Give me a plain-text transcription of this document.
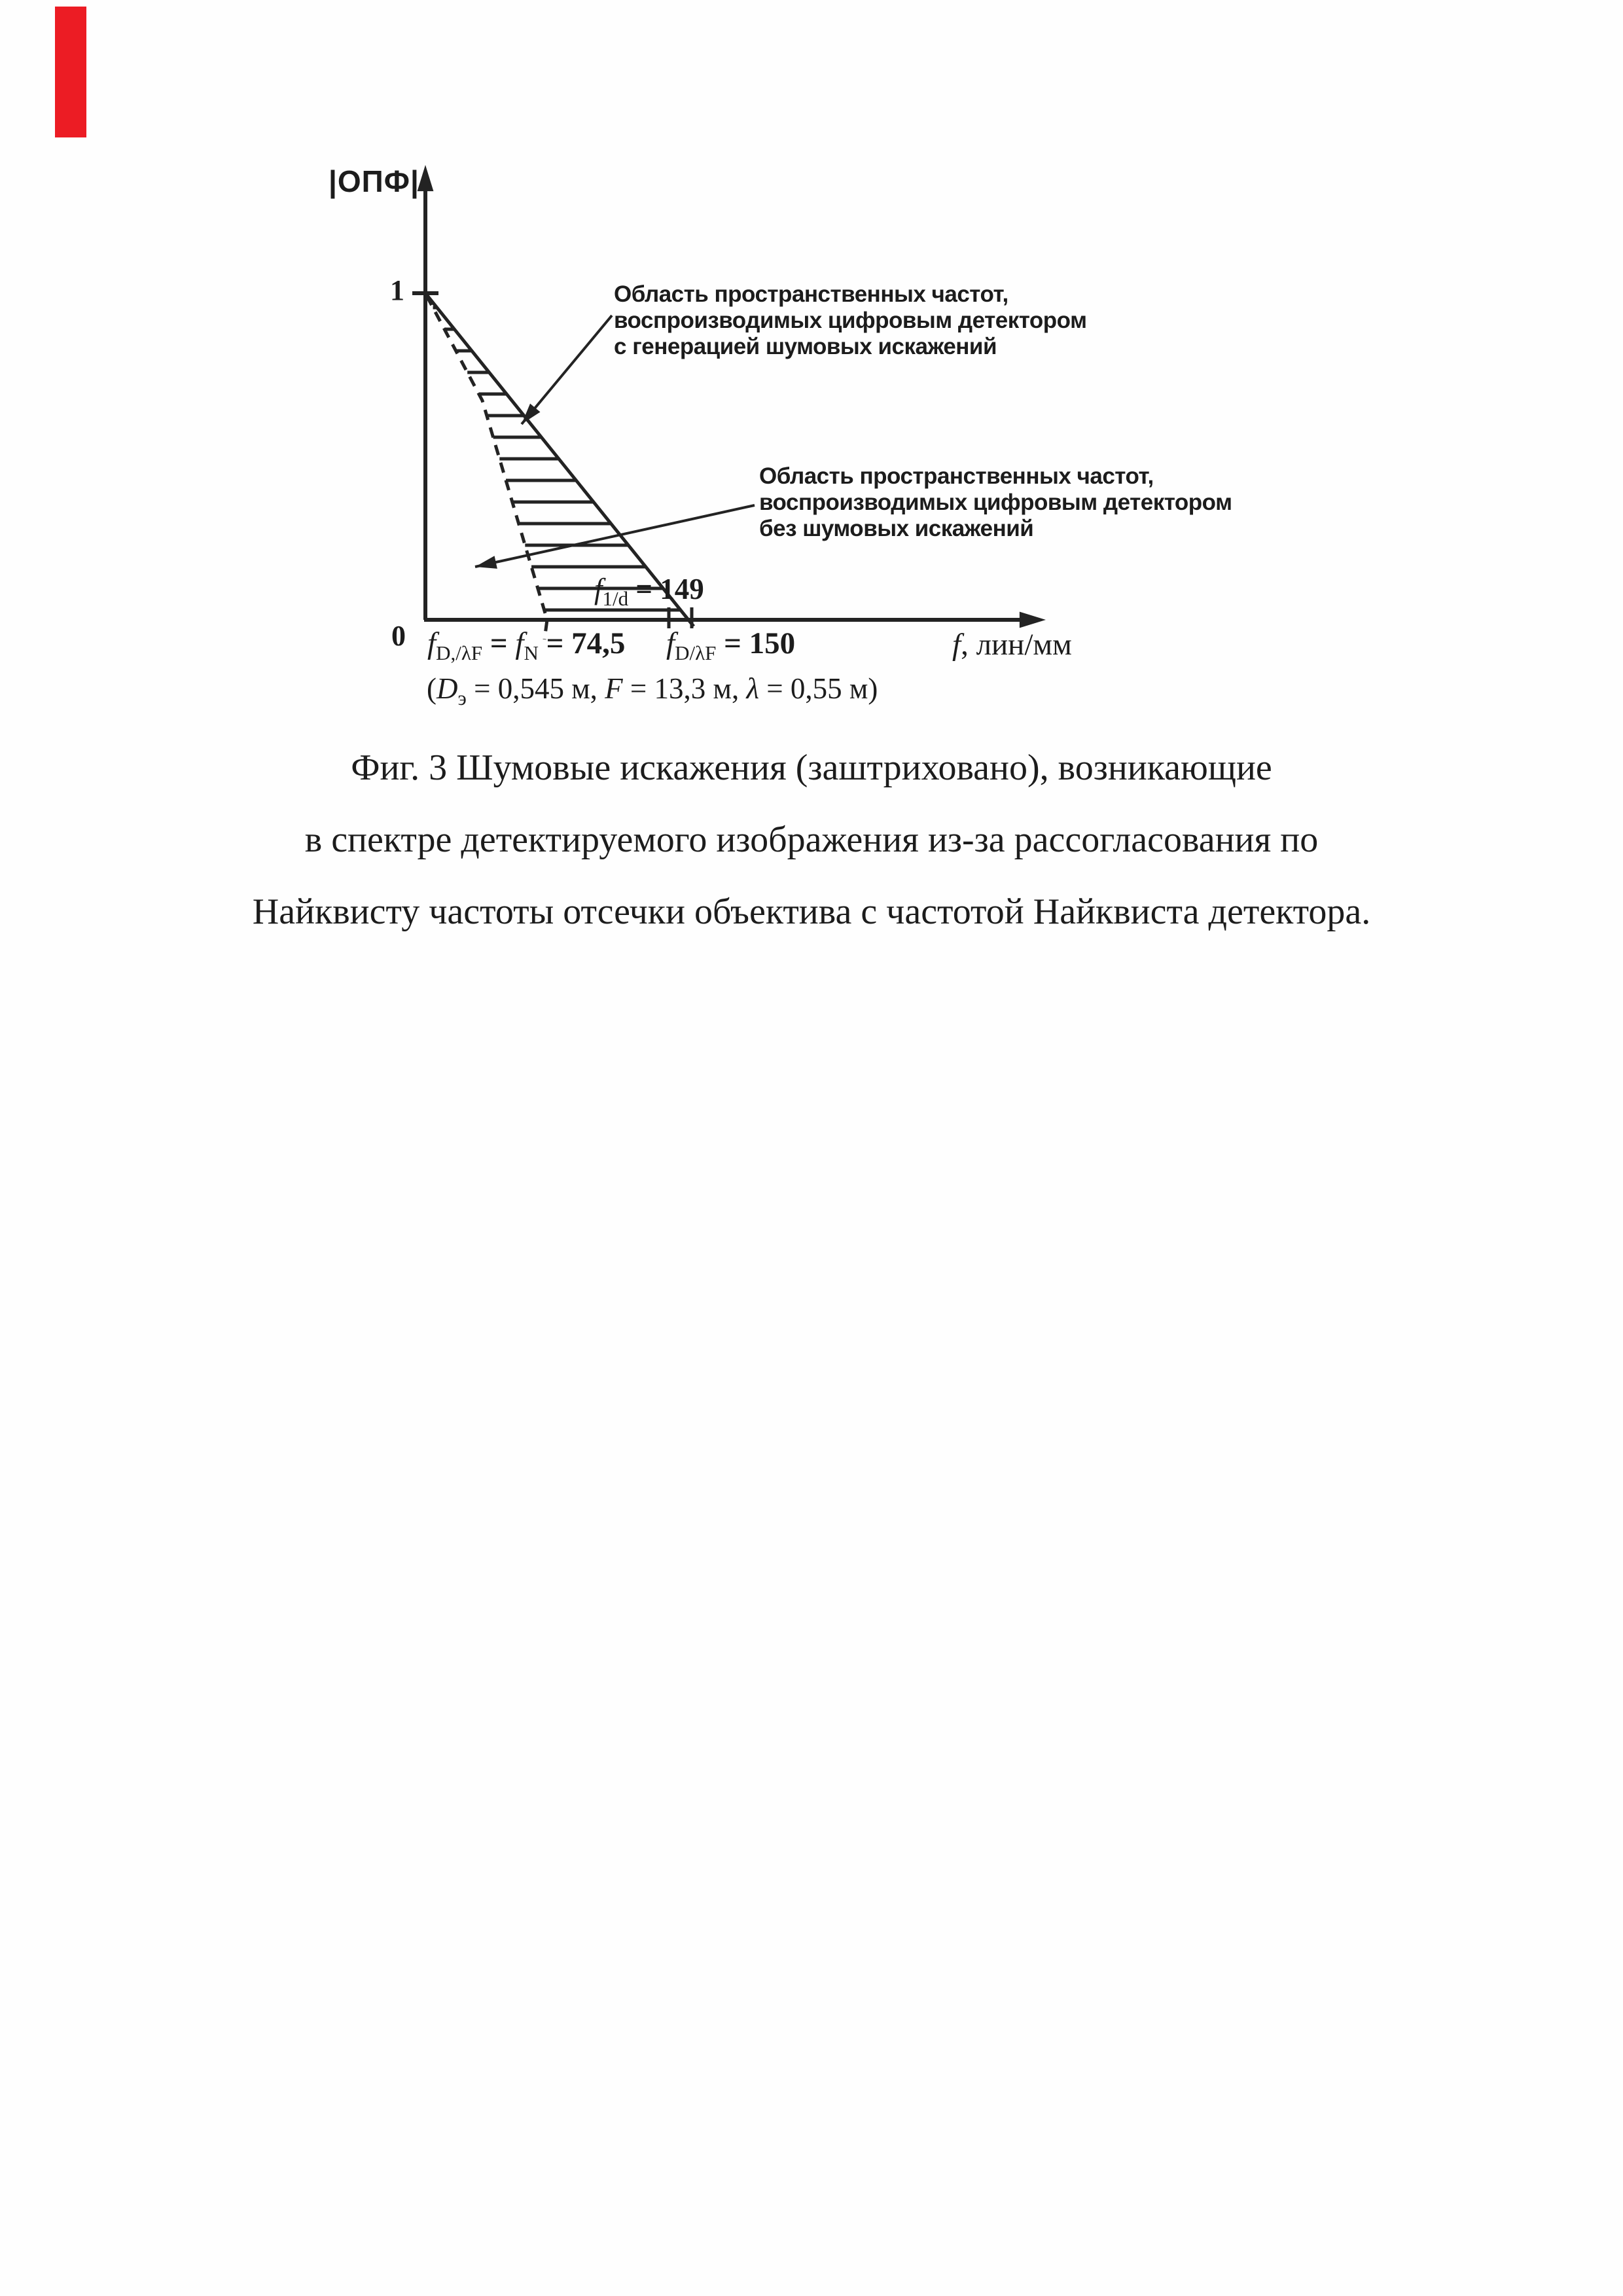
|ОПФ|
1
0
Область пространственных частот,
воспроизводимых цифровым детектором
с генерацией шумовых искажений
Область пространственных частот,
воспроизводимых цифровым детектором
без шумовых искажений
$f_{1/d} = 149$
$f_{D,/\lambda F} = f_N = 74,5$ $f_{D/\lambda F} = 150$	f, лин/мм
($D_э = 0,545$ м, F = 13,3 м, λ = 0,55 м)
Фиг. 3 Шумовые искажения (заштриховано), возникающие
в спектре детектируемого изображения из-за рассогласования по
Найквисту частоты отсечки объектива с частотой Найквиста детектора.
